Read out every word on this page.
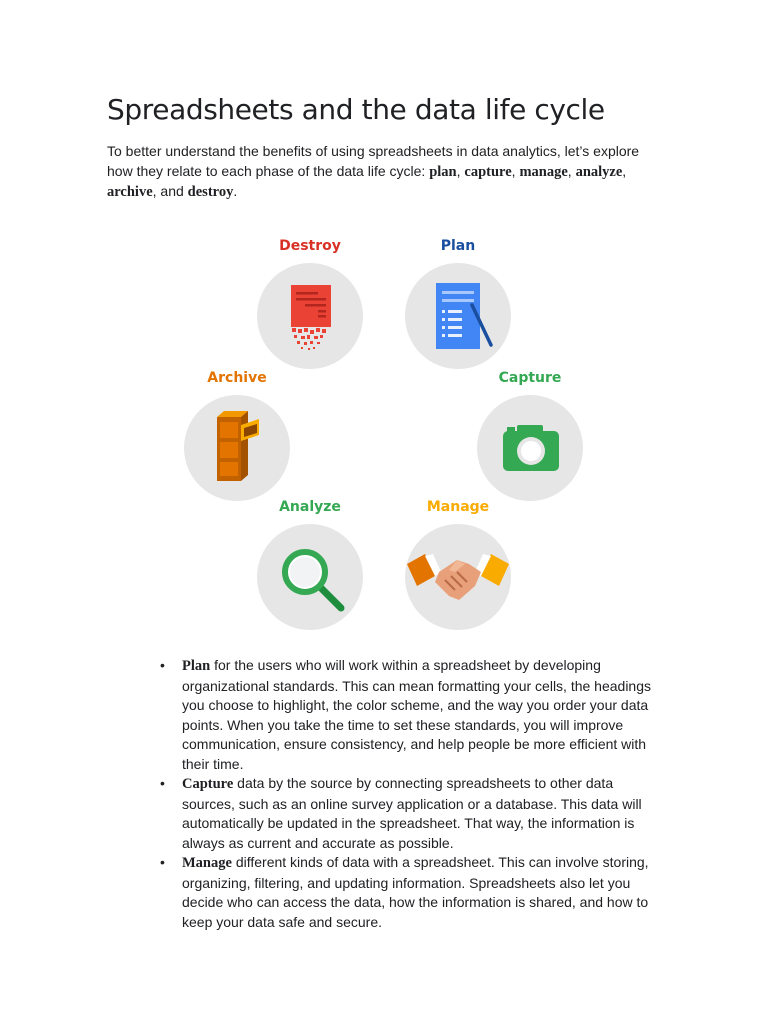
Spreadsheets and the data life cycle

To better understand the benefits of using spreadsheets in data analytics, let’s explore how they relate to each phase of the data life cycle: plan, capture, manage, analyze, archive, and destroy.

Destroy	Plan
Archive	Capture
Analyze	Manage
• Plan for the users who will work within a spreadsheet by developing organizational standards. This can mean formatting your cells, the headings you choose to highlight, the color scheme, and the way you order your data points. When you take the time to set these standards, you will improve communication, ensure consistency, and help people be more efficient with their time.
• Capture data by the source by connecting spreadsheets to other data sources, such as an online survey application or a database. This data will automatically be updated in the spreadsheet. That way, the information is always as current and accurate as possible.
• Manage different kinds of data with a spreadsheet. This can involve storing, organizing, filtering, and updating information. Spreadsheets also let you decide who can access the data, how the information is shared, and how to keep your data safe and secure.
